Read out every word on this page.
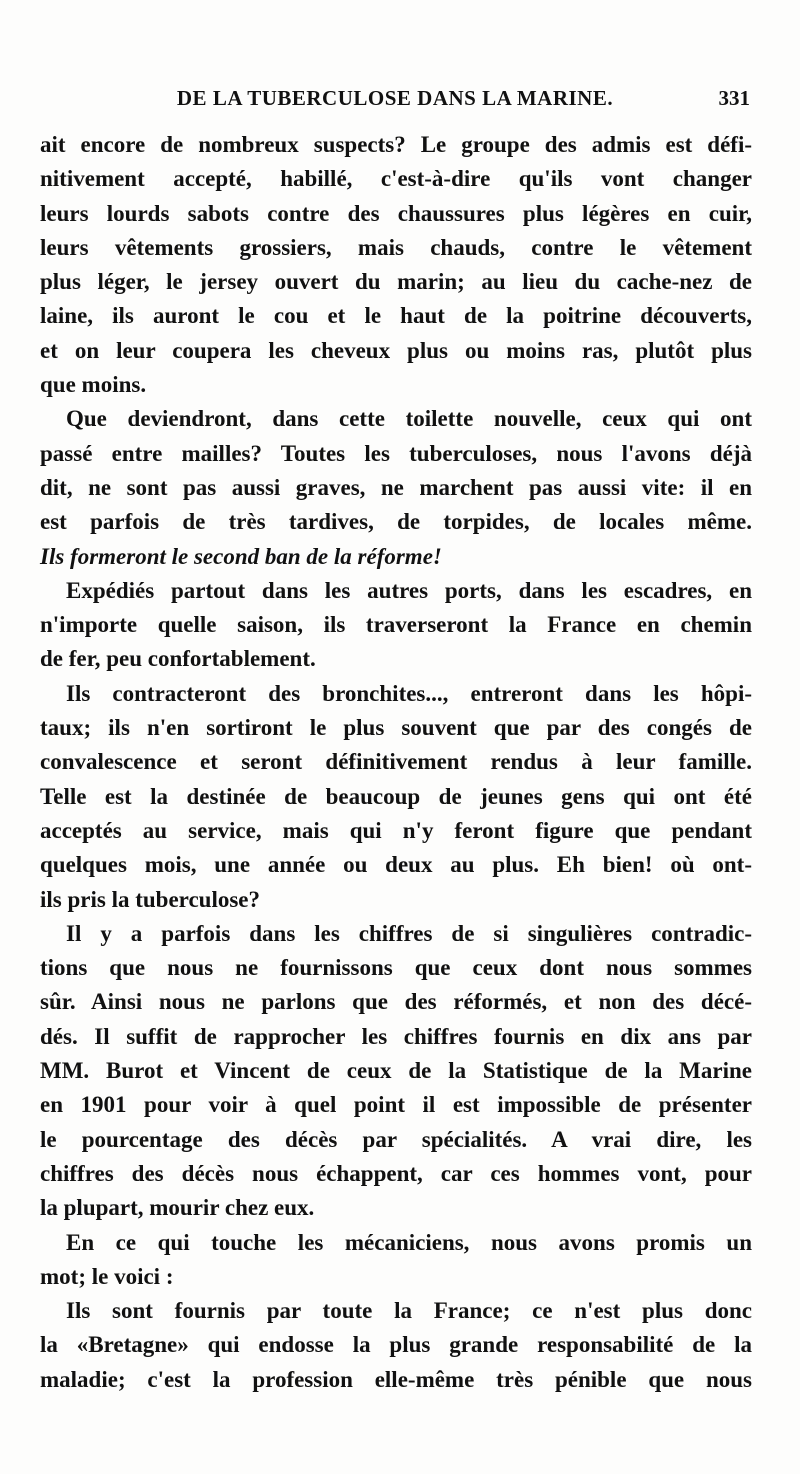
DE LA TUBERCULOSE DANS LA MARINE.	331
ait encore de nombreux suspects? Le groupe des admis est défi-
nitivement accepté, habillé, c'est-à-dire qu'ils vont changer
leurs lourds sabots contre des chaussures plus légères en cuir,
leurs vêtements grossiers, mais chauds, contre le vêtement
plus léger, le jersey ouvert du marin; au lieu du cache-nez de
laine, ils auront le cou et le haut de la poitrine découverts,
et on leur coupera les cheveux plus ou moins ras, plutôt plus
que moins.
Que deviendront, dans cette toilette nouvelle, ceux qui ont
passé entre mailles? Toutes les tuberculoses, nous l'avons déjà
dit, ne sont pas aussi graves, ne marchent pas aussi vite: il en
est parfois de très tardives, de torpides, de locales même.
Ils formeront le second ban de la réforme!
Expédiés partout dans les autres ports, dans les escadres, en
n'importe quelle saison, ils traverseront la France en chemin
de fer, peu confortablement.
Ils contracteront des bronchites..., entreront dans les hôpi-
taux; ils n'en sortiront le plus souvent que par des congés de
convalescence et seront définitivement rendus à leur famille.
Telle est la destinée de beaucoup de jeunes gens qui ont été
acceptés au service, mais qui n'y feront figure que pendant
quelques mois, une année ou deux au plus. Eh bien! où ont-
ils pris la tuberculose?
Il y a parfois dans les chiffres de si singulières contradic-
tions que nous ne fournissons que ceux dont nous sommes
sûr. Ainsi nous ne parlons que des réformés, et non des décé-
dés. Il suffit de rapprocher les chiffres fournis en dix ans par
MM. Burot et Vincent de ceux de la Statistique de la Marine
en 1901 pour voir à quel point il est impossible de présenter
le pourcentage des décès par spécialités. A vrai dire, les
chiffres des décès nous échappent, car ces hommes vont, pour
la plupart, mourir chez eux.
En ce qui touche les mécaniciens, nous avons promis un
mot; le voici :
Ils sont fournis par toute la France; ce n'est plus donc
la «Bretagne» qui endosse la plus grande responsabilité de la
maladie; c'est la profession elle-même très pénible que nous
